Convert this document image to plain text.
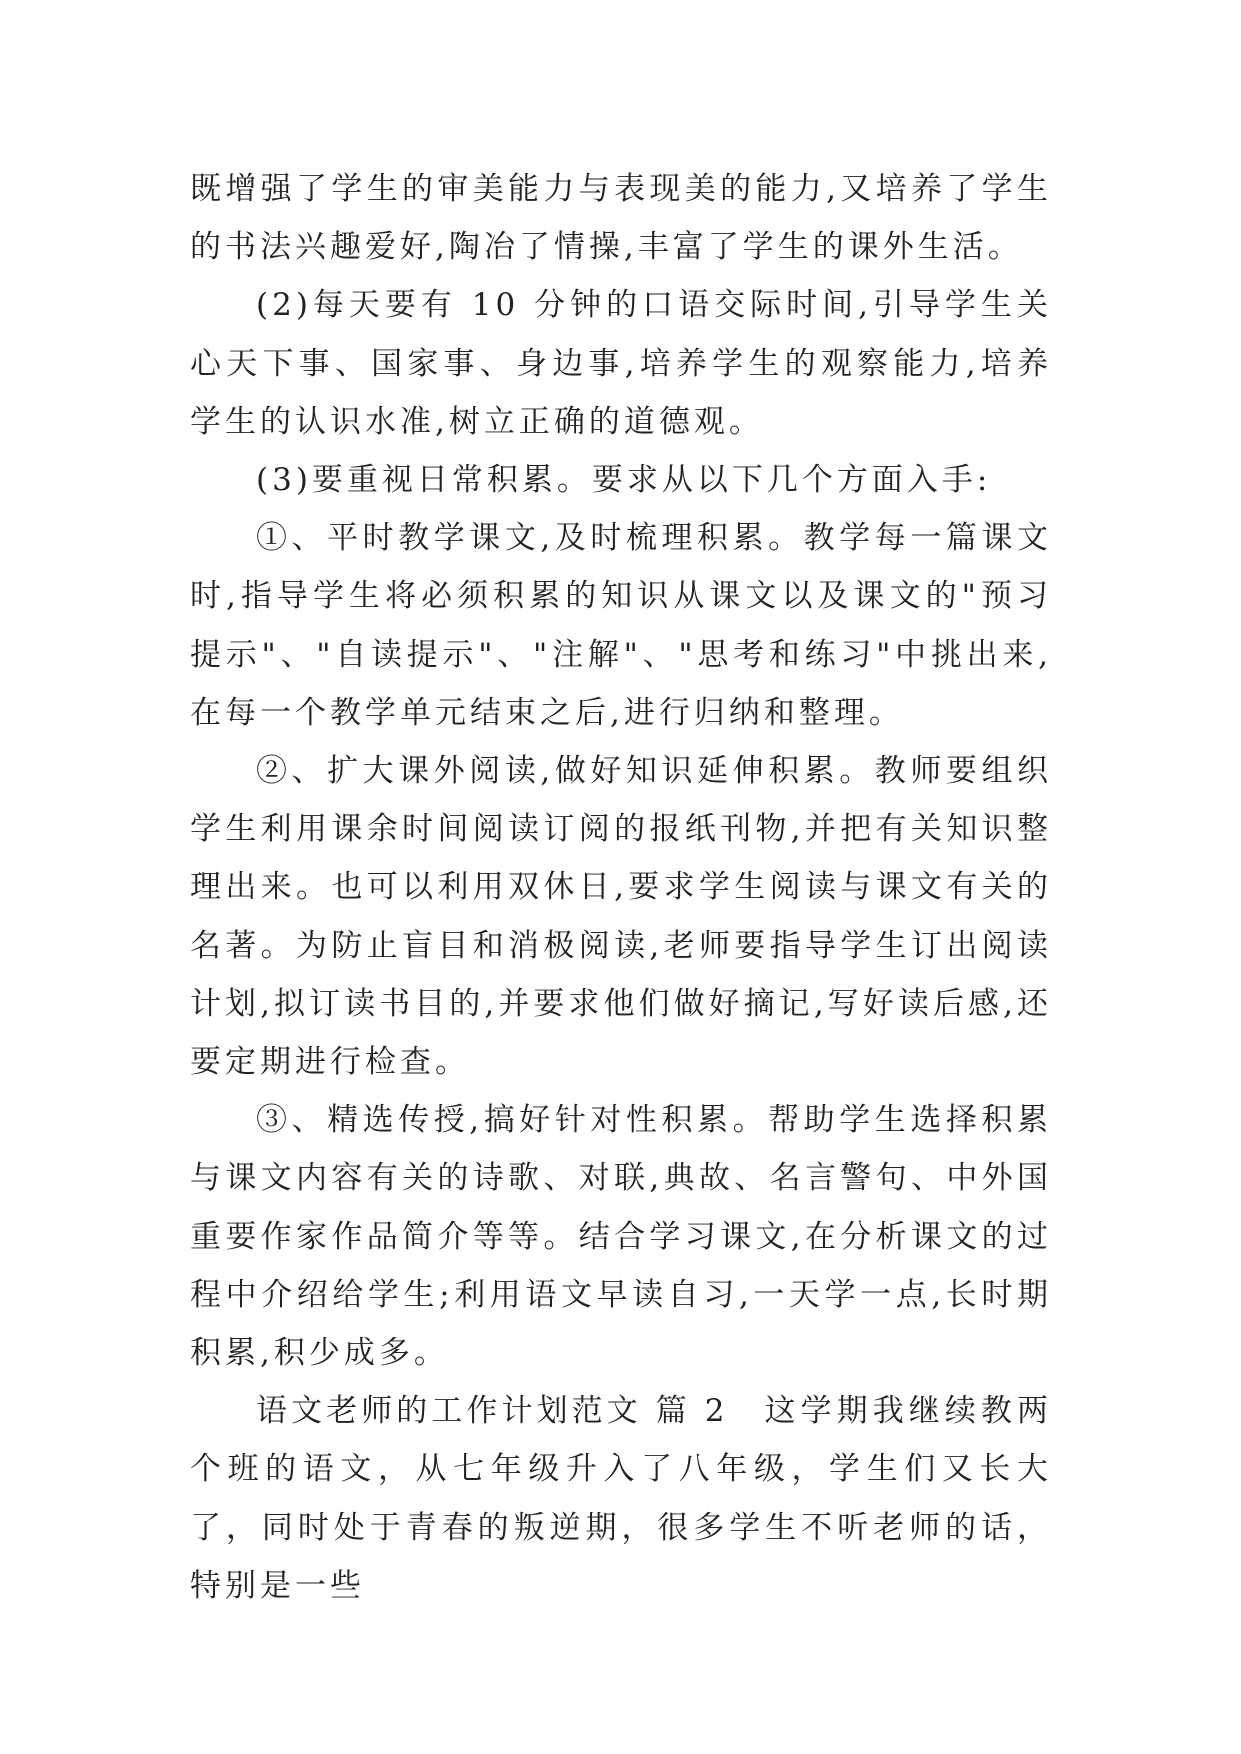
既增强了学生的审美能力与表现美的能力,又培养了学生的书法兴趣爱好,陶冶了情操,丰富了学生的课外生活。

(2)每天要有 10 分钟的口语交际时间,引导学生关心天下事、国家事、身边事,培养学生的观察能力,培养学生的认识水准,树立正确的道德观。

(3)要重视日常积累。要求从以下几个方面入手:

①、平时教学课文,及时梳理积累。教学每一篇课文时,指导学生将必须积累的知识从课文以及课文的"预习提示"、"自读提示"、"注解"、"思考和练习"中挑出来,在每一个教学单元结束之后,进行归纳和整理。

②、扩大课外阅读,做好知识延伸积累。教师要组织学生利用课余时间阅读订阅的报纸刊物,并把有关知识整理出来。也可以利用双休日,要求学生阅读与课文有关的名著。为防止盲目和消极阅读,老师要指导学生订出阅读计划,拟订读书目的,并要求他们做好摘记,写好读后感,还要定期进行检查。

③、精选传授,搞好针对性积累。帮助学生选择积累与课文内容有关的诗歌、对联,典故、名言警句、中外国重要作家作品简介等等。结合学习课文,在分析课文的过程中介绍给学生;利用语文早读自习,一天学一点,长时期积累,积少成多。

语文老师的工作计划范文 篇 2 这学期我继续教两个班的语文，从七年级升入了八年级，学生们又长大了，同时处于青春的叛逆期，很多学生不听老师的话，特别是一些
